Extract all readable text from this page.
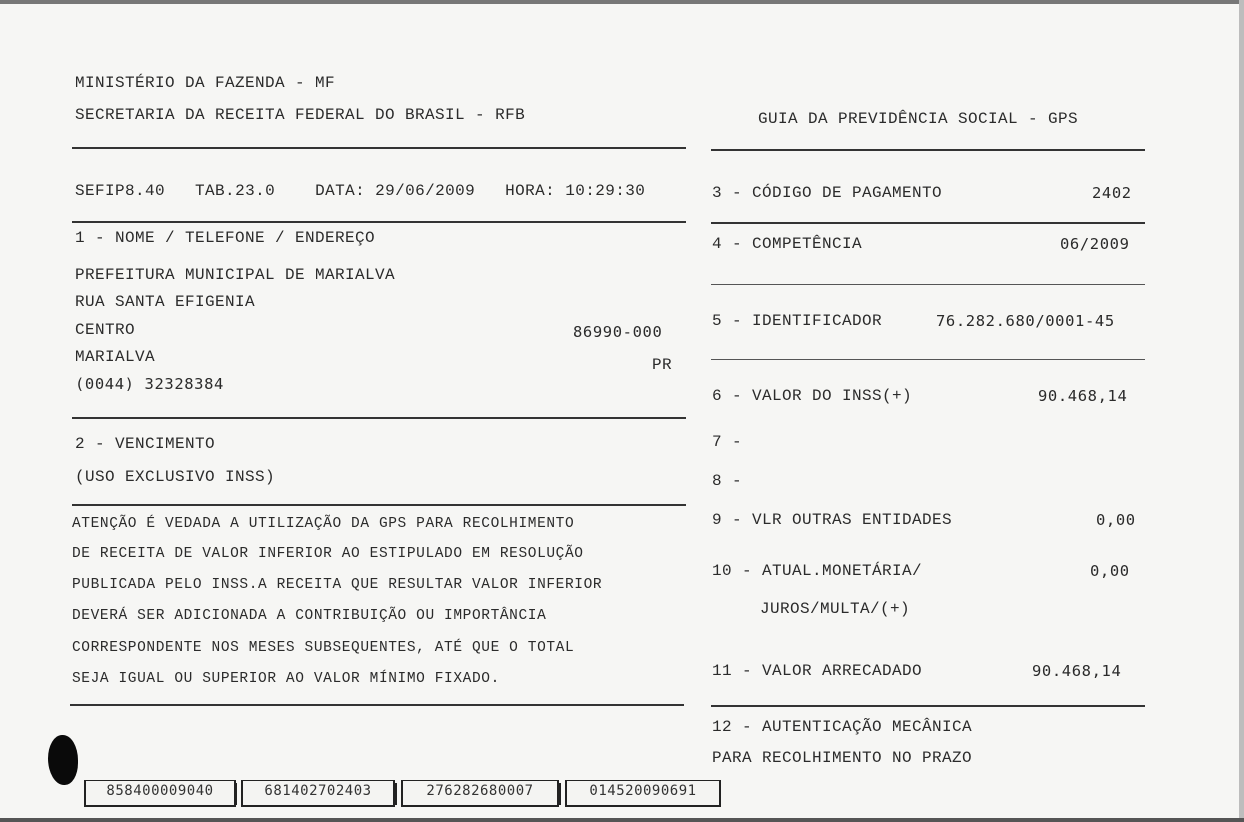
MINISTÉRIO DA FAZENDA - MF
SECRETARIA DA RECEITA FEDERAL DO BRASIL - RFB	GUIA DA PREVIDÊNCIA SOCIAL - GPS
SEFIP8.40 TAB.23.0	DATA: 29/06/2009 HORA: 10:29:30
1 - NOME / TELEFONE / ENDEREÇO
PREFEITURA MUNICIPAL DE MARIALVA
RUA SANTA EFIGENIA
CENTRO	86990-000
MARIALVA	PR
(0044) 32328384
2 - VENCIMENTO
(USO EXCLUSIVO INSS)
ATENÇÃO É VEDADA A UTILIZAÇÃO DA GPS PARA RECOLHIMENTO
DE RECEITA DE VALOR INFERIOR AO ESTIPULADO EM RESOLUÇÃO
PUBLICADA PELO INSS.A RECEITA QUE RESULTAR VALOR INFERIOR
DEVERÁ SER ADICIONADA A CONTRIBUIÇÃO OU IMPORTÂNCIA
CORRESPONDENTE NOS MESES SUBSEQUENTES, ATÉ QUE O TOTAL
SEJA IGUAL OU SUPERIOR AO VALOR MÍNIMO FIXADO.
3 - CÓDIGO DE PAGAMENTO	2402
4 - COMPETÊNCIA	06/2009
5 - IDENTIFICADOR	76.282.680/0001-45
6 - VALOR DO INSS(+)	90.468,14
7 -
8 -
9 - VLR OUTRAS ENTIDADES	0,00
10 - ATUAL.MONETÁRIA/	0,00
JUROS/MULTA/(+)
11 - VALOR ARRECADADO	90.468,14
12 - AUTENTICAÇÃO MECÂNICA
PARA RECOLHIMENTO NO PRAZO
858400009040	681402702403	276282680007	014520090691
